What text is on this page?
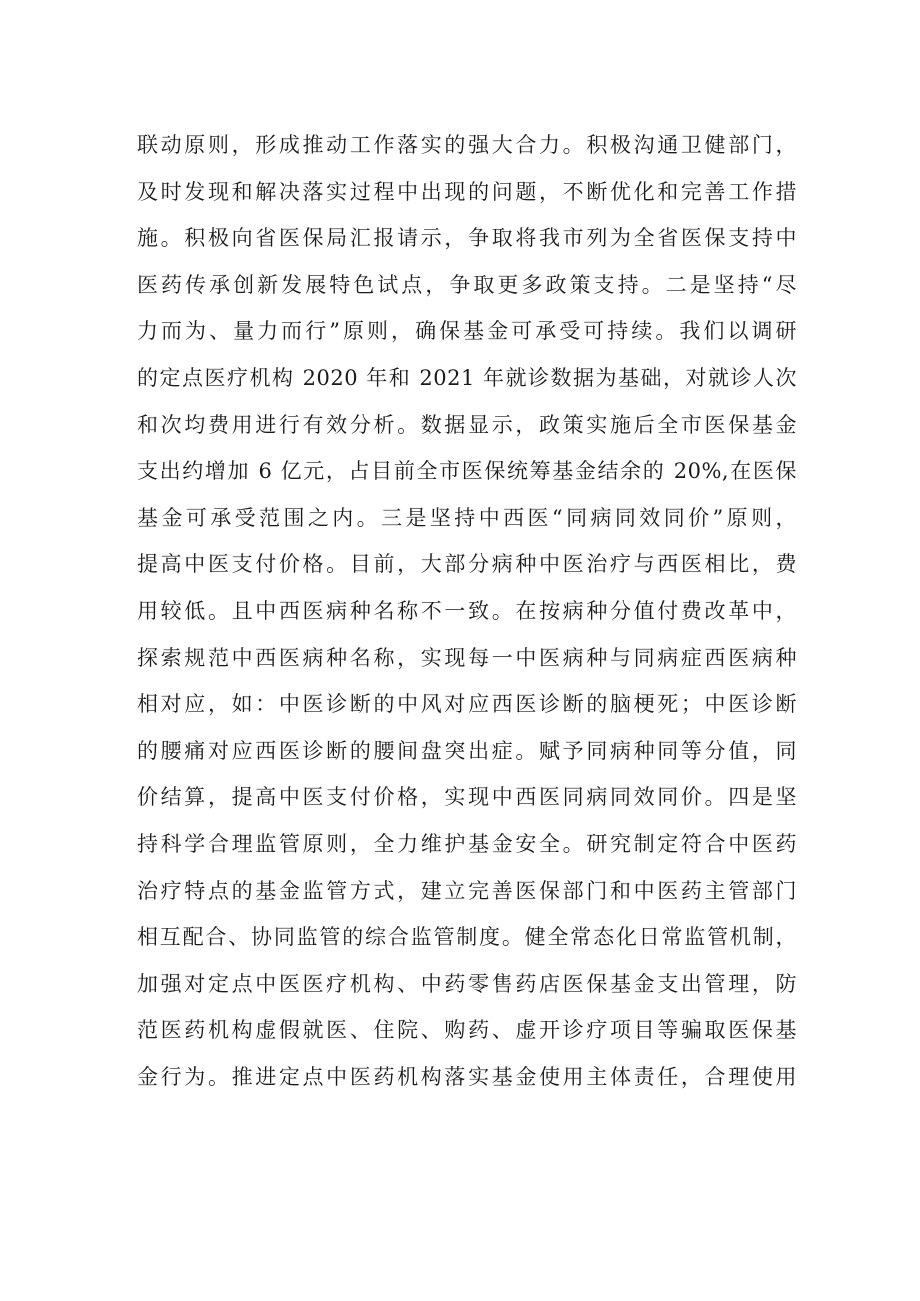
联动原则，形成推动工作落实的强大合力。积极沟通卫健部门，
及时发现和解决落实过程中出现的问题，不断优化和完善工作措
施。积极向省医保局汇报请示，争取将我市列为全省医保支持中
医药传承创新发展特色试点，争取更多政策支持。二是坚持“尽
力而为、量力而行”原则，确保基金可承受可持续。我们以调研
的定点医疗机构 2020 年和 2021 年就诊数据为基础，对就诊人次
和次均费用进行有效分析。数据显示，政策实施后全市医保基金
支出约增加 6 亿元，占目前全市医保统筹基金结余的 20%,在医保
基金可承受范围之内。三是坚持中西医“同病同效同价”原则，
提高中医支付价格。目前，大部分病种中医治疗与西医相比，费
用较低。且中西医病种名称不一致。在按病种分值付费改革中，
探索规范中西医病种名称，实现每一中医病种与同病症西医病种
相对应，如：中医诊断的中风对应西医诊断的脑梗死；中医诊断
的腰痛对应西医诊断的腰间盘突出症。赋予同病种同等分值，同
价结算，提高中医支付价格，实现中西医同病同效同价。四是坚
持科学合理监管原则，全力维护基金安全。研究制定符合中医药
治疗特点的基金监管方式，建立完善医保部门和中医药主管部门
相互配合、协同监管的综合监管制度。健全常态化日常监管机制，
加强对定点中医医疗机构、中药零售药店医保基金支出管理，防
范医药机构虚假就医、住院、购药、虚开诊疗项目等骗取医保基
金行为。推进定点中医药机构落实基金使用主体责任，合理使用
